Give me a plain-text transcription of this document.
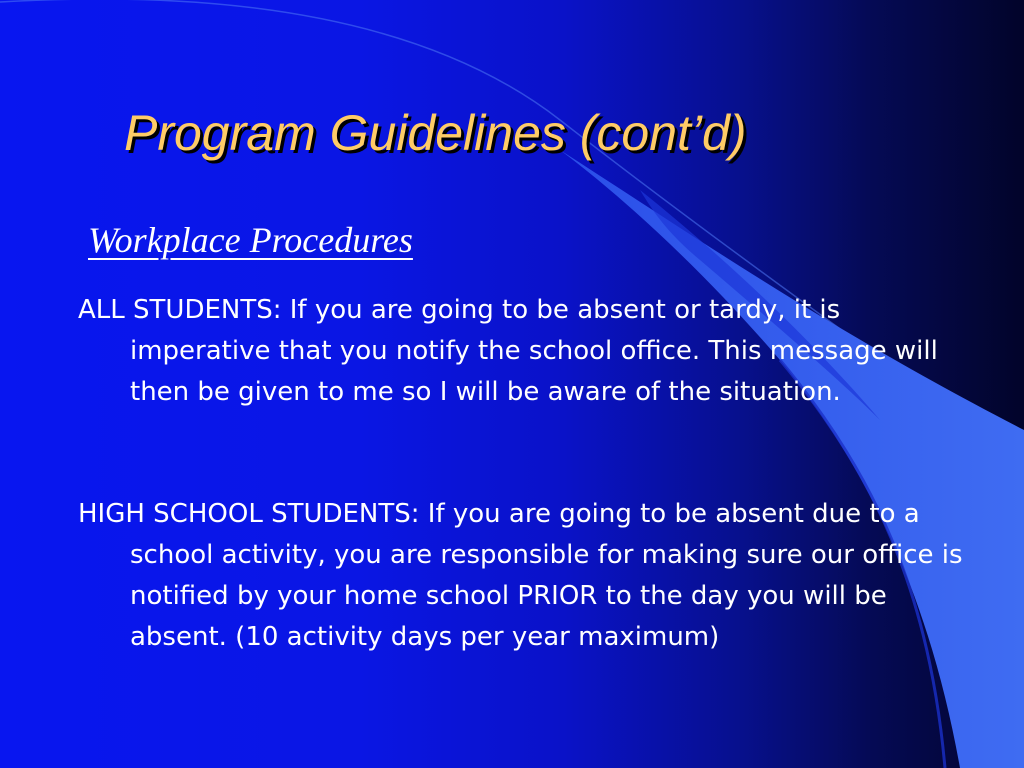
Program Guidelines (cont’d)
Workplace Procedures

ALL STUDENTS: If you are going to be absent or tardy, it is imperative that you notify the school office. This message will then be given to me so I will be aware of the situation.

HIGH SCHOOL STUDENTS: If you are going to be absent due to a school activity, you are responsible for making sure our office is notified by your home school PRIOR to the day you will be absent. (10 activity days per year maximum)
